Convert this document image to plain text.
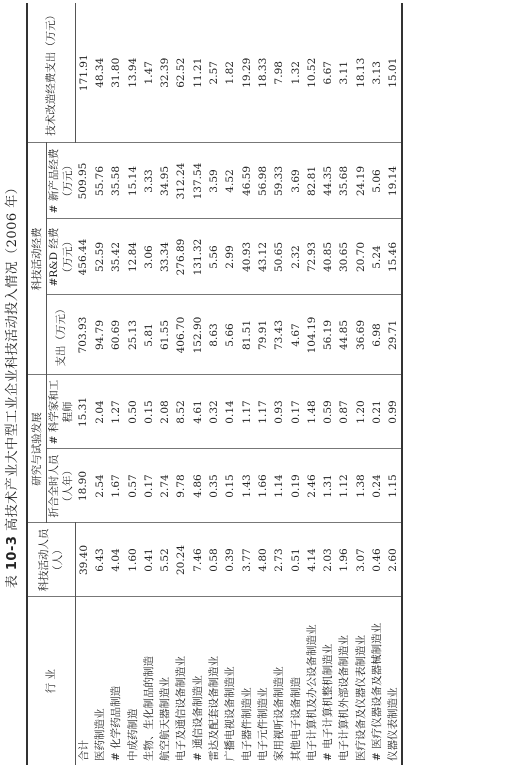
表 10-3 高技术产业大中型工业企业科技活动投入情况（2006 年）
行 业	科技活动人员（人）	研究与试验发展		科技活动经费			技术改造经费支出（万元）
		折合全时人员（人年）	# 科学家和工程师	支出（万元）	#R&D 经费（万元）	# 新产品经费（万元）	

合计	39.40	18.90	15.31	703.93	456.44	509.95	171.91
医药制造业	6.43	2.54	2.04	94.79	52.59	55.76	48.34
# 化学药品制造	4.04	1.67	1.27	60.69	35.42	35.58	31.80
中成药制造	1.60	0.57	0.50	25.13	12.84	15.14	13.94
生物、生化制品的制造	0.41	0.17	0.15	5.81	3.06	3.33	1.47
航空航天器制造业	5.52	2.74	2.08	61.55	33.34	34.95	32.39
电子及通信设备制造业	20.24	9.78	8.52	406.70	276.89	312.24	62.52
# 通信设备制造业	7.46	4.86	4.61	152.90	131.32	137.54	11.21
雷达及配套设备制造业	0.58	0.35	0.32	8.63	5.56	3.59	2.57
广播电视设备制造业	0.39	0.15	0.14	5.66	2.99	4.52	1.82
电子器件制造业	3.77	1.43	1.17	81.51	40.93	46.59	19.29
电子元件制造业	4.80	1.66	1.17	79.91	43.12	56.98	18.33
家用视听设备制造业	2.73	1.14	0.93	73.43	50.65	59.33	7.98
其他电子设备制造	0.51	0.19	0.17	4.67	2.32	3.69	1.32
电子计算机及办公设备制造业	4.14	2.46	1.48	104.19	72.93	82.81	10.52
# 电子计算机整机制造业	2.03	1.31	0.59	56.19	40.85	44.35	6.67
电子计算机外部设备制造业	1.96	1.12	0.87	44.85	30.65	35.68	3.11
医疗设备及仪器仪表制造业	3.07	1.38	1.20	36.69	20.70	24.19	18.13
# 医疗仪器设备及器械制造业	0.46	0.24	0.21	6.98	5.24	5.06	3.13
仪器仪表制造业	2.60	1.15	0.99	29.71	15.46	19.14	15.01
